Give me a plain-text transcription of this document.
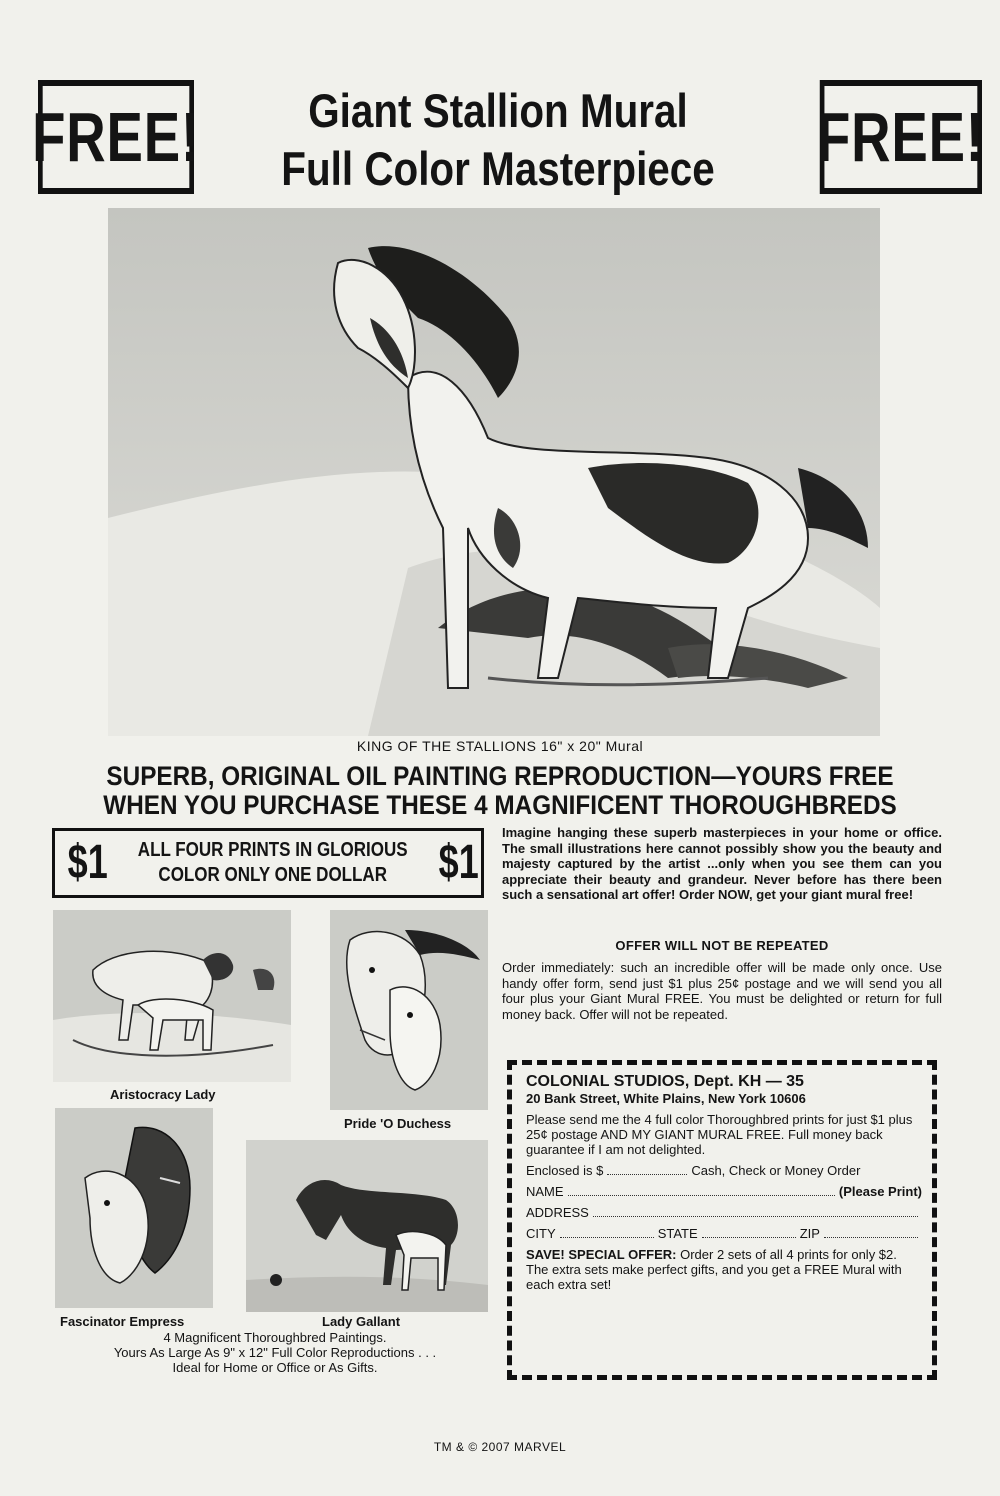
FREE!	Giant Stallion Mural
Full Color Masterpiece FREE!
KING OF THE STALLIONS 16" x 20" Mural
SUPERB, ORIGINAL OIL PAINTING REPRODUCTION—YOURS FREE
WHEN YOU PURCHASE THESE 4 MAGNIFICENT THOROUGHBREDS
$1 ALL FOUR PRINTS IN GLORIOUS
COLOR ONLY ONE DOLLAR	$1
Imagine hanging these superb masterpieces in your home or office. The small illustrations here cannot possibly show you the beauty and majesty captured by the artist ...only when you see them can you appreciate their beauty and grandeur. Never before has there been such a sensational art offer! Order NOW, get your giant mural free!
OFFER WILL NOT BE REPEATED
Order immediately: such an incredible offer will be made only once. Use handy offer form, send just $1 plus 25¢ postage and we will send you all four plus your Giant Mural FREE. You must be delighted or return for full money back. Offer will not be repeated.
Aristocracy Lady
Pride 'O Duchess
Fascinator Empress	Lady Gallant
4 Magnificent Thoroughbred Paintings.
Yours As Large As 9" x 12" Full Color Reproductions . . .
Ideal for Home or Office or As Gifts.
COLONIAL STUDIOS, Dept. KH — 35
20 Bank Street, White Plains, New York 10606

Please send me the 4 full color Thoroughbred prints for just $1 plus 25¢ postage AND MY GIANT MURAL FREE. Full money back guarantee if I am not delighted.

Enclosed is $	Cash, Check or Money Order
NAME	(Please Print)
ADDRESS
CITY	STATE	ZIP
SAVE! SPECIAL OFFER: Order 2 sets of all 4 prints for only $2. The extra sets make perfect gifts, and you get a FREE Mural with each extra set!
TM & © 2007 MARVEL
